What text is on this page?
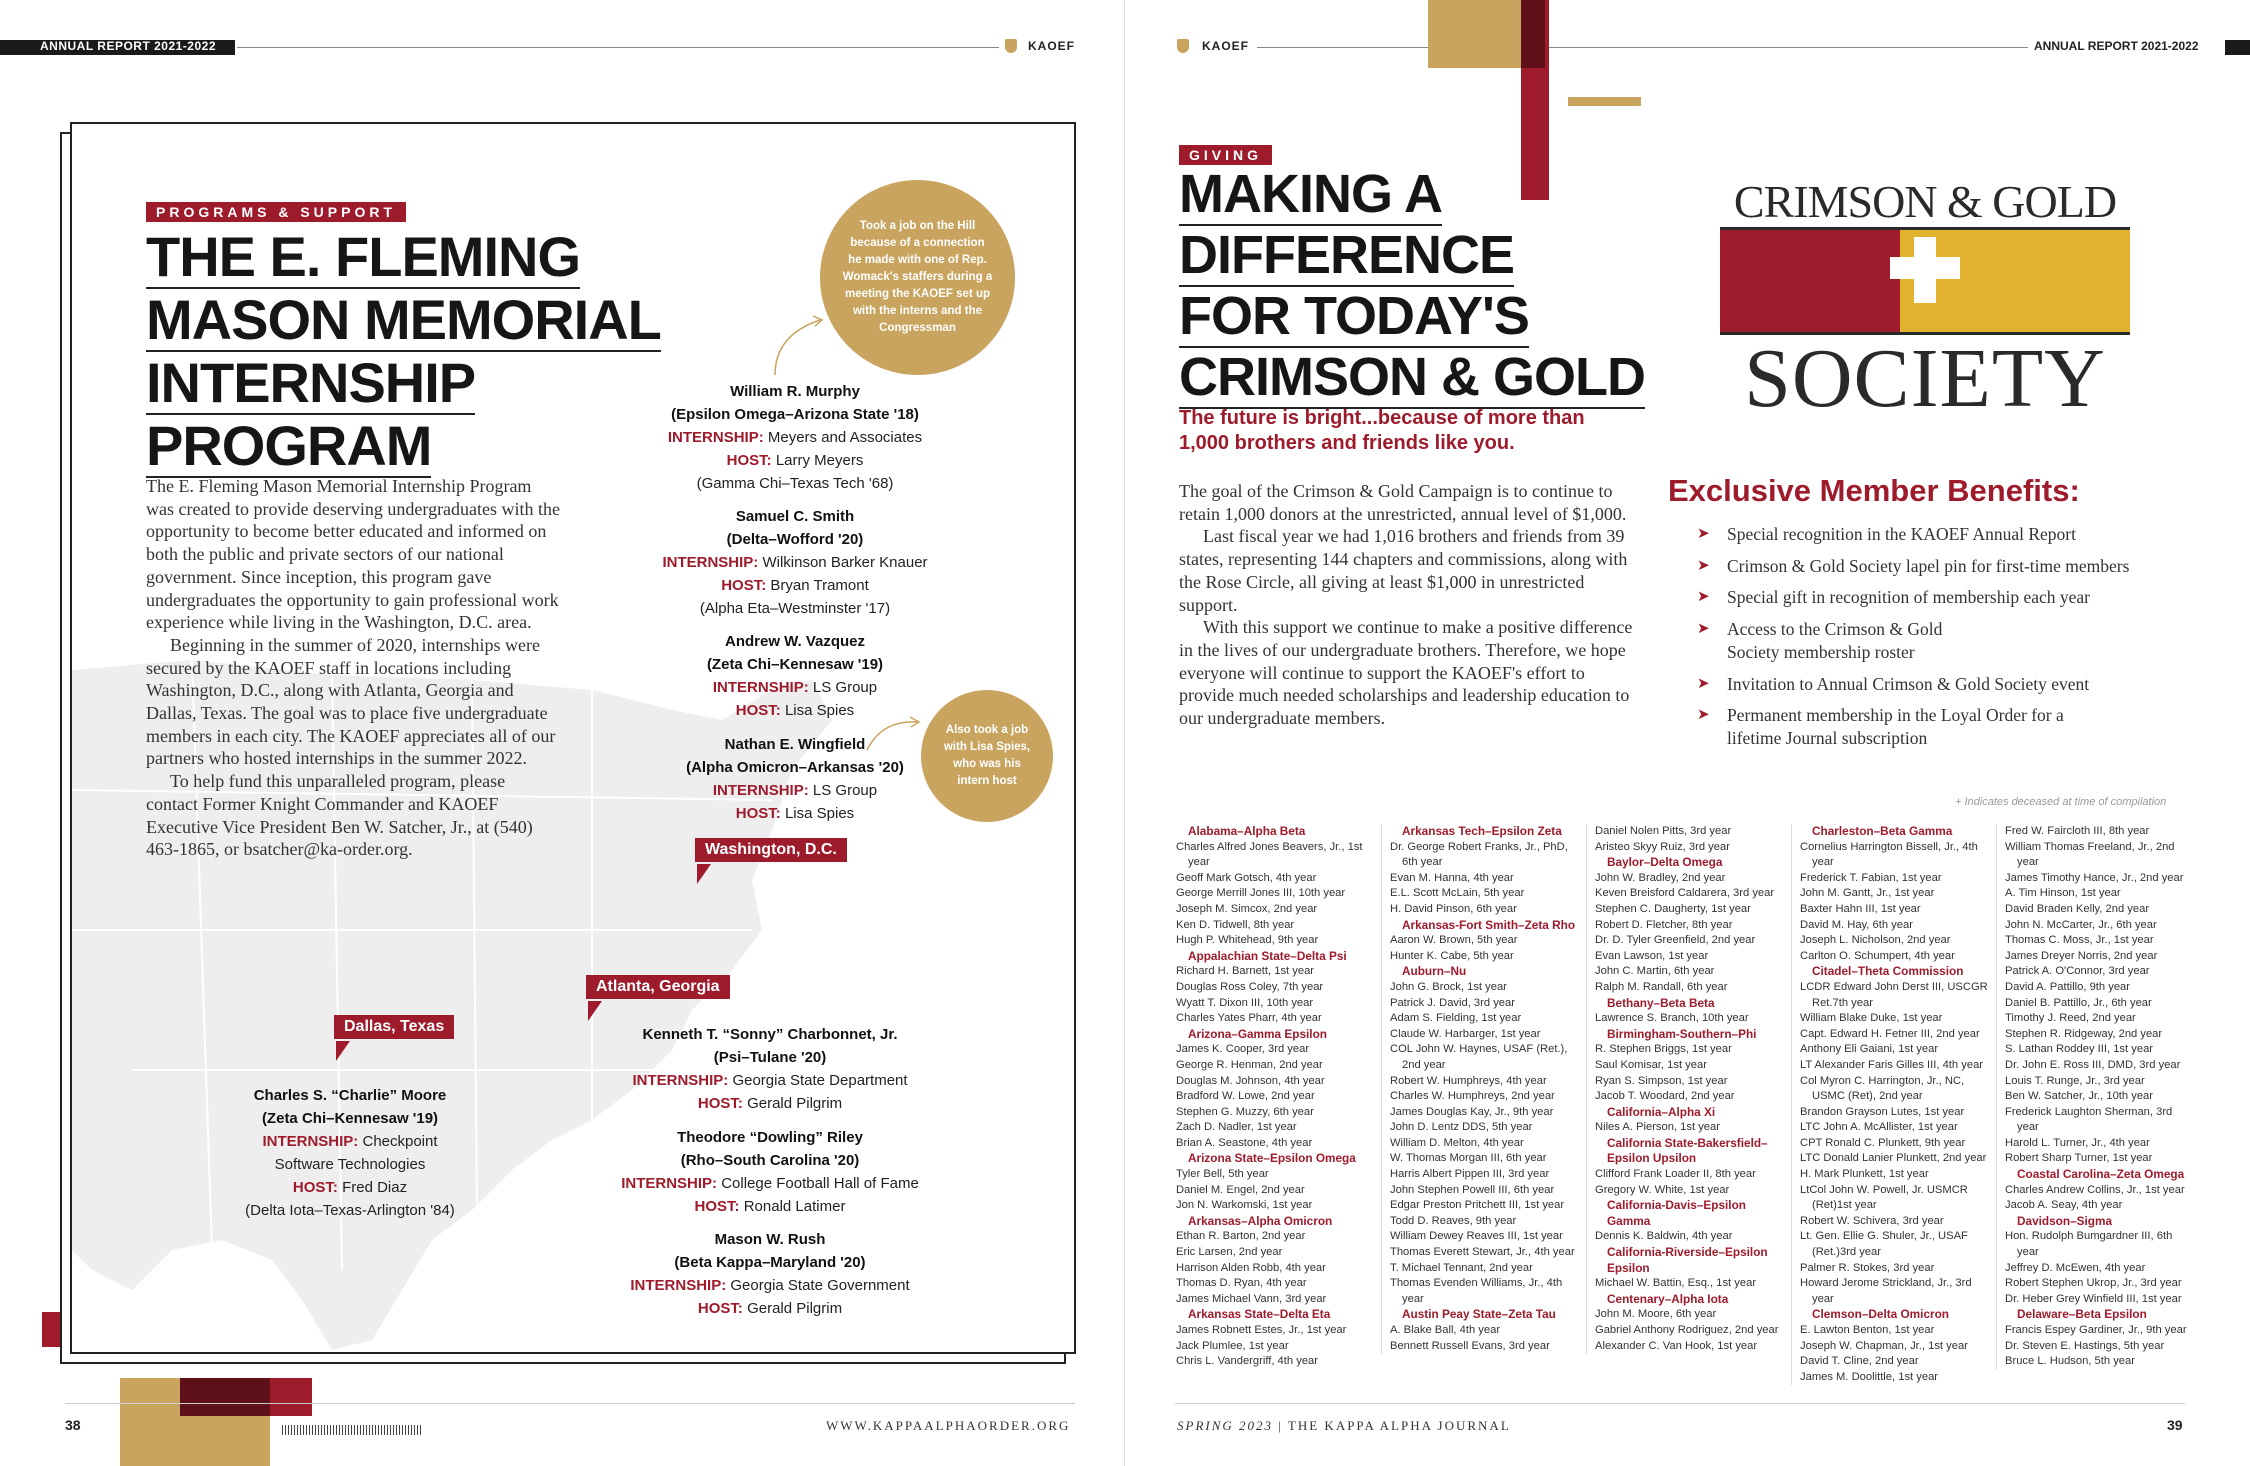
ANNUAL REPORT 2021-2022	KAOEF
PROGRAMS & SUPPORT
THE E. FLEMING
MASON MEMORIAL
INTERNSHIP
PROGRAM

The E. Fleming Mason Memorial Internship Program was created to provide deserving undergraduates with the opportunity to become better educated and informed on both the public and private sectors of our national government. Since inception, this program gave undergraduates the opportunity to gain professional work experience while living in the Washington, D.C. area.

Beginning in the summer of 2020, internships were secured by the KAOEF staff in locations including Washington, D.C., along with Atlanta, Georgia and Dallas, Texas. The goal was to place five undergraduate members in each city. The KAOEF appreciates all of our partners who hosted internships in the summer 2022.

To help fund this unparalleled program, please contact Former Knight Commander and KAOEF Executive Vice President Ben W. Satcher, Jr., at (540) 463-1865, or bsatcher@ka-order.org.

Took a job on the Hill because of a connection he made with one of Rep. Womack's staffers during a meeting the KAOEF set up with the interns and the Congressman
Also took a job with Lisa Spies, who was his intern host
William R. Murphy
(Epsilon Omega–Arizona State '18)
INTERNSHIP: Meyers and Associates
HOST: Larry Meyers
(Gamma Chi–Texas Tech '68)
Samuel C. Smith
(Delta–Wofford '20)
INTERNSHIP: Wilkinson Barker Knauer
HOST: Bryan Tramont
(Alpha Eta–Westminster '17)
Andrew W. Vazquez
(Zeta Chi–Kennesaw '19)
INTERNSHIP: LS Group
HOST: Lisa Spies
Nathan E. Wingfield
(Alpha Omicron–Arkansas '20)
INTERNSHIP: LS Group
HOST: Lisa Spies
Washington, D.C.
Atlanta, Georgia
Dallas, Texas	Kenneth T. “Sonny” Charbonnet, Jr.
(Psi–Tulane '20)
INTERNSHIP: Georgia State Department
HOST: Gerald Pilgrim
Theodore “Dowling” Riley
(Rho–South Carolina '20)
INTERNSHIP: College Football Hall of Fame
HOST: Ronald Latimer
Mason W. Rush
(Beta Kappa–Maryland '20)
INTERNSHIP: Georgia State Government
HOST: Gerald Pilgrim
Charles S. “Charlie” Moore
(Zeta Chi–Kennesaw '19)
INTERNSHIP: Checkpoint
Software Technologies
HOST: Fred Diaz
(Delta Iota–Texas-Arlington '84)
38	WWW.KAPPAALPHAORDER.ORG
KAOEF	ANNUAL REPORT 2021-2022
GIVING
MAKING A
DIFFERENCE
FOR TODAY'S
CRIMSON & GOLD
The future is bright...because of more than 1,000 brothers and friends like you.

The goal of the Crimson & Gold Campaign is to continue to retain 1,000 donors at the unrestricted, annual level of $1,000.

Last fiscal year we had 1,016 brothers and friends from 39 states, representing 144 chapters and commissions, along with the Rose Circle, all giving at least $1,000 in unrestricted support.

With this support we continue to make a positive difference in the lives of our undergraduate brothers. Therefore, we hope everyone will continue to support the KAOEF's effort to provide much needed scholarships and leadership education to our undergraduate members.

CRIMSON & GOLD
SOCIETY
Exclusive Member Benefits:
➤ Special recognition in the KAOEF Annual Report
➤ Crimson & Gold Society lapel pin for first-time members
➤ Special gift in recognition of membership each year
➤ Access to the Crimson & Gold Society membership roster
➤ Invitation to Annual Crimson & Gold Society event
➤ Permanent membership in the Loyal Order for a lifetime Journal subscription
+ Indicates deceased at time of compilation
Alabama–Alpha Beta
Charles Alfred Jones Beavers, Jr., 1st year
Geoff Mark Gotsch, 4th year
George Merrill Jones III, 10th year
Joseph M. Simcox, 2nd year
Ken D. Tidwell, 8th year
Hugh P. Whitehead, 9th year
Appalachian State–Delta Psi
Richard H. Barnett, 1st year
Douglas Ross Coley, 7th year
Wyatt T. Dixon III, 10th year
Charles Yates Pharr, 4th year
Arizona–Gamma Epsilon
James K. Cooper, 3rd year
George R. Henman, 2nd year
Douglas M. Johnson, 4th year
Bradford W. Lowe, 2nd year
Stephen G. Muzzy, 6th year
Zach D. Nadler, 1st year
Brian A. Seastone, 4th year
Arizona State–Epsilon Omega
Tyler Bell, 5th year
Daniel M. Engel, 2nd year
Jon N. Warkomski, 1st year
Arkansas–Alpha Omicron
Ethan R. Barton, 2nd year
Eric Larsen, 2nd year
Harrison Alden Robb, 4th year
Thomas D. Ryan, 4th year
James Michael Vann, 3rd year
Arkansas State–Delta Eta
James Robnett Estes, Jr., 1st year
Jack Plumlee, 1st year
Chris L. Vandergriff, 4th year
Arkansas Tech–Epsilon Zeta
Dr. George Robert Franks, Jr., PhD, 6th year
Evan M. Hanna, 4th year
E.L. Scott McLain, 5th year
H. David Pinson, 6th year
Arkansas-Fort Smith–Zeta Rho
Aaron W. Brown, 5th year
Hunter K. Cabe, 5th year
Auburn–Nu
John G. Brock, 1st year
Patrick J. David, 3rd year
Adam S. Fielding, 1st year
Claude W. Harbarger, 1st year
COL John W. Haynes, USAF (Ret.), 2nd year
Robert W. Humphreys, 4th year
Charles W. Humphreys, 2nd year
James Douglas Kay, Jr., 9th year
John D. Lentz DDS, 5th year
William D. Melton, 4th year
W. Thomas Morgan III, 6th year
Harris Albert Pippen III, 3rd year
John Stephen Powell III, 6th year
Edgar Preston Pritchett III, 1st year
Todd D. Reaves, 9th year
William Dewey Reaves III, 1st year
Thomas Everett Stewart, Jr., 4th year
T. Michael Tennant, 2nd year
Thomas Evenden Williams, Jr., 4th year
Austin Peay State–Zeta Tau
A. Blake Ball, 4th year
Bennett Russell Evans, 3rd year
Daniel Nolen Pitts, 3rd year
Aristeo Skyy Ruiz, 3rd year
Baylor–Delta Omega
John W. Bradley, 2nd year
Keven Breisford Caldarera, 3rd year
Stephen C. Daugherty, 1st year
Robert D. Fletcher, 8th year
Dr. D. Tyler Greenfield, 2nd year
Evan Lawson, 1st year
John C. Martin, 6th year
Ralph M. Randall, 6th year
Bethany–Beta Beta
Lawrence S. Branch, 10th year
Birmingham-Southern–Phi
R. Stephen Briggs, 1st year
Saul Komisar, 1st year
Ryan S. Simpson, 1st year
Jacob T. Woodard, 2nd year
California–Alpha Xi
Niles A. Pierson, 1st year
California State-Bakersfield–Epsilon Upsilon
Clifford Frank Loader II, 8th year
Gregory W. White, 1st year
California-Davis–Epsilon Gamma
Dennis K. Baldwin, 4th year
California-Riverside–Epsilon Epsilon
Michael W. Battin, Esq., 1st year
Centenary–Alpha Iota
John M. Moore, 6th year
Gabriel Anthony Rodriguez, 2nd year
Alexander C. Van Hook, 1st year
Charleston–Beta Gamma
Cornelius Harrington Bissell, Jr., 4th year
Frederick T. Fabian, 1st year
John M. Gantt, Jr., 1st year
Baxter Hahn III, 1st year
David M. Hay, 6th year
Joseph L. Nicholson, 2nd year
Carlton O. Schumpert, 4th year
Citadel–Theta Commission
LCDR Edward John Derst III, USCGR Ret.7th year
William Blake Duke, 1st year
Capt. Edward H. Fetner III, 2nd year
Anthony Eli Gaiani, 1st year
LT Alexander Faris Gilles III, 4th year
Col Myron C. Harrington, Jr., NC, USMC (Ret), 2nd year
Brandon Grayson Lutes, 1st year
LTC John A. McAllister, 1st year
CPT Ronald C. Plunkett, 9th year
LTC Donald Lanier Plunkett, 2nd year
H. Mark Plunkett, 1st year
LtCol John W. Powell, Jr. USMCR (Ret)1st year
Robert W. Schivera, 3rd year
Lt. Gen. Ellie G. Shuler, Jr., USAF (Ret.)3rd year
Palmer R. Stokes, 3rd year
Howard Jerome Strickland, Jr., 3rd year
Clemson–Delta Omicron
E. Lawton Benton, 1st year
Joseph W. Chapman, Jr., 1st year
David T. Cline, 2nd year
James M. Doolittle, 1st year
Fred W. Faircloth III, 8th year
William Thomas Freeland, Jr., 2nd year
James Timothy Hance, Jr., 2nd year
A. Tim Hinson, 1st year
David Braden Kelly, 2nd year
John N. McCarter, Jr., 6th year
Thomas C. Moss, Jr., 1st year
James Dreyer Norris, 2nd year
Patrick A. O'Connor, 3rd year
David A. Pattillo, 9th year
Daniel B. Pattillo, Jr., 6th year
Timothy J. Reed, 2nd year
Stephen R. Ridgeway, 2nd year
S. Lathan Roddey III, 1st year
Dr. John E. Ross III, DMD, 3rd year
Louis T. Runge, Jr., 3rd year
Ben W. Satcher, Jr., 10th year
Frederick Laughton Sherman, 3rd year
Harold L. Turner, Jr., 4th year
Robert Sharp Turner, 1st year
Coastal Carolina–Zeta Omega
Charles Andrew Collins, Jr., 1st year
Jacob A. Seay, 4th year
Davidson–Sigma
Hon. Rudolph Bumgardner III, 6th year
Jeffrey D. McEwen, 4th year
Robert Stephen Ukrop, Jr., 3rd year
Dr. Heber Grey Winfield III, 1st year
Delaware–Beta Epsilon
Francis Espey Gardiner, Jr., 9th year
Dr. Steven E. Hastings, 5th year
Bruce L. Hudson, 5th year
SPRING 2023 | THE KAPPA ALPHA JOURNAL	39
